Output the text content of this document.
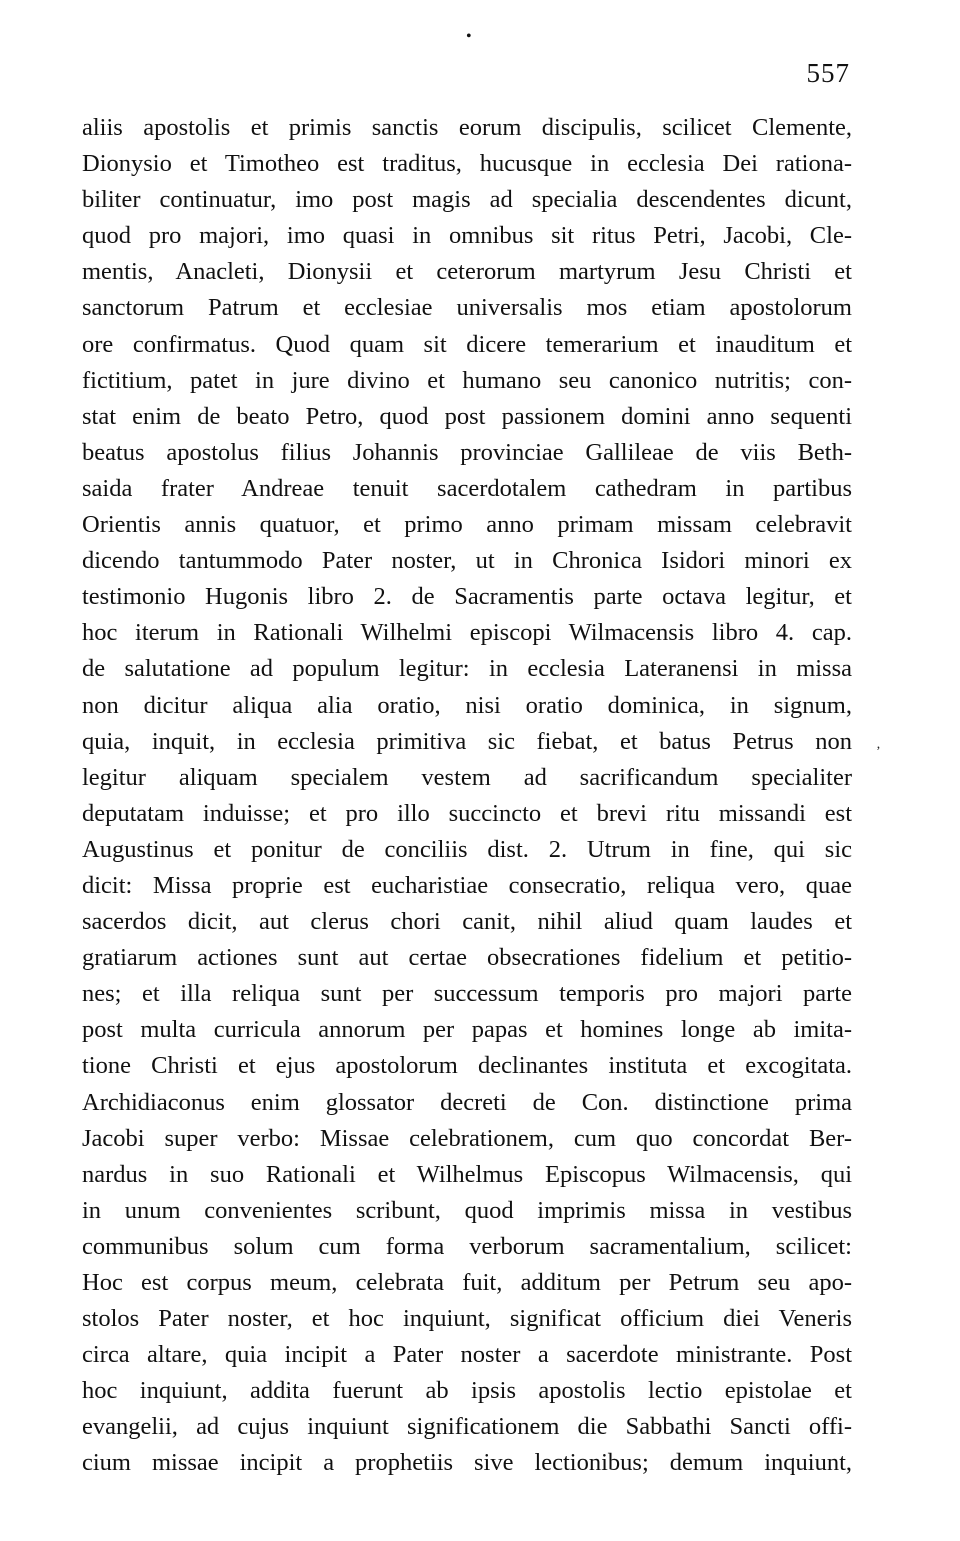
•
557
‚
aliis apostolis et primis sanctis eorum discipulis, scilicet Clemente,
Dionysio et Timotheo est traditus, hucusque in ecclesia Dei rationa-
biliter continuatur, imo post magis ad specialia descendentes dicunt,
quod pro majori, imo quasi in omnibus sit ritus Petri, Jacobi, Cle-
mentis, Anacleti, Dionysii et ceterorum martyrum Jesu Christi et
sanctorum Patrum et ecclesiae universalis mos etiam apostolorum
ore confirmatus. Quod quam sit dicere temerarium et inauditum et
fictitium, patet in jure divino et humano seu canonico nutritis; con-
stat enim de beato Petro, quod post passionem domini anno sequenti
beatus apostolus filius Johannis provinciae Gallileae de viis Beth-
saida frater Andreae tenuit sacerdotalem cathedram in partibus
Orientis annis quatuor, et primo anno primam missam celebravit
dicendo tantummodo Pater noster, ut in Chronica Isidori minori ex
testimonio Hugonis libro 2. de Sacramentis parte octava legitur, et
hoc iterum in Rationali Wilhelmi episcopi Wilmacensis libro 4. cap.
de salutatione ad populum legitur: in ecclesia Lateranensi in missa
non dicitur aliqua alia oratio, nisi oratio dominica, in signum,
quia, inquit, in ecclesia primitiva sic fiebat, et batus Petrus non
legitur aliquam specialem vestem ad sacrificandum specialiter
deputatam induisse; et pro illo succincto et brevi ritu missandi est
Augustinus et ponitur de conciliis dist. 2. Utrum in fine, qui sic
dicit: Missa proprie est eucharistiae consecratio, reliqua vero, quae
sacerdos dicit, aut clerus chori canit, nihil aliud quam laudes et
gratiarum actiones sunt aut certae obsecrationes fidelium et petitio-
nes; et illa reliqua sunt per successum temporis pro majori parte
post multa curricula annorum per papas et homines longe ab imita-
tione Christi et ejus apostolorum declinantes instituta et excogitata.
Archidiaconus enim glossator decreti de Con. distinctione prima
Jacobi super verbo: Missae celebrationem, cum quo concordat Ber-
nardus in suo Rationali et Wilhelmus Episcopus Wilmacensis, qui
in unum convenientes scribunt, quod imprimis missa in vestibus
communibus solum cum forma verborum sacramentalium, scilicet:
Hoc est corpus meum, celebrata fuit, additum per Petrum seu apo-
stolos Pater noster, et hoc inquiunt, significat officium diei Veneris
circa altare, quia incipit a Pater noster a sacerdote ministrante. Post
hoc inquiunt, addita fuerunt ab ipsis apostolis lectio epistolae et
evangelii, ad cujus inquiunt significationem die Sabbathi Sancti offi-
cium missae incipit a prophetiis sive lectionibus; demum inquiunt,
